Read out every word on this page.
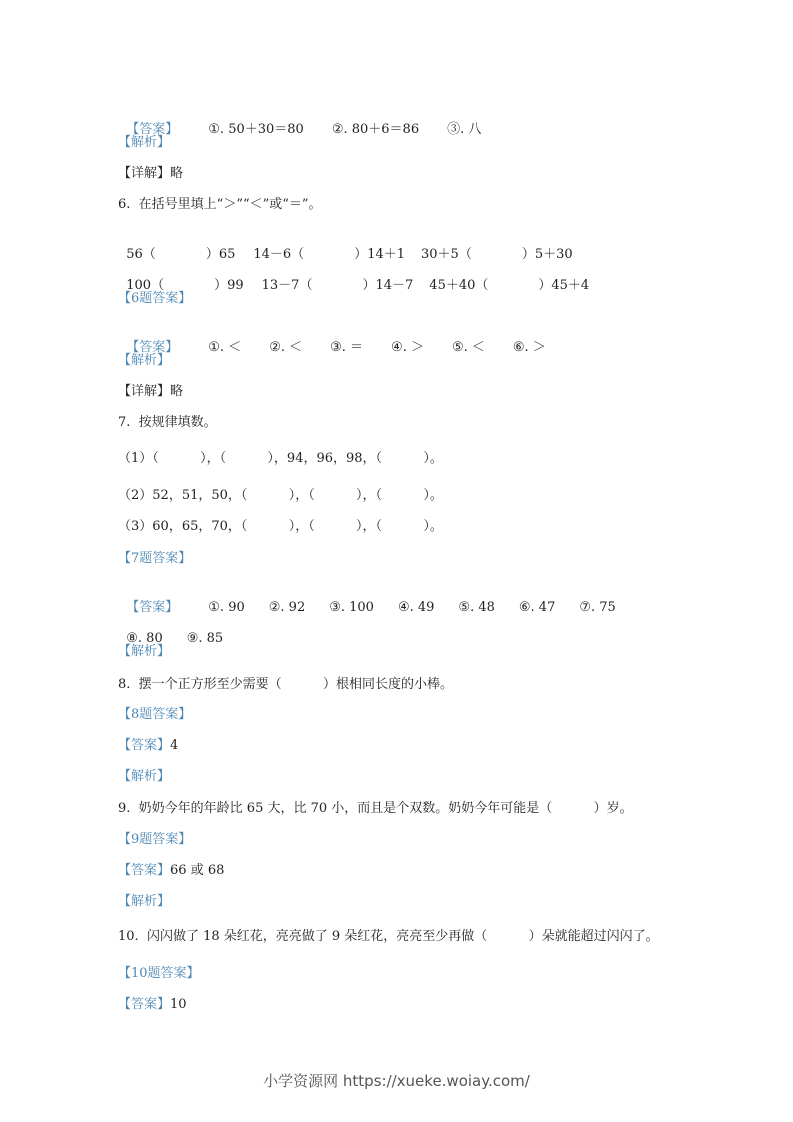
【答案】 ①. 50＋30＝80 ②. 80＋6＝86 ③. 八

【解析】
【详解】略
6.  在括号里填上“＞”“＜”或“＝”。

56（	）65 14－6（	）14＋1 30＋5（	）5＋30

100（	）99 13－7（	）14－7 45＋40（	）45＋4

【6题答案】

【答案】 ①. ＜ ②. ＜ ③. ＝ ④. ＞ ⑤. ＜ ⑥. ＞

【解析】
【详解】略
7.  按规律填数。
（1）（          ），（          ），94，96，98，（          ）。
（2）52，51，50，（          ），（          ），（          ）。
（3）60，65，70，（          ），（          ），（          ）。
【7题答案】

【答案】 ①. 90 ②. 92 ③. 100 ④. 49 ⑤. 48 ⑥. 47 ⑦. 75

⑧. 80 ⑨. 85

【解析】
8.  摆一个正方形至少需要（          ）根相同长度的小棒。
【8题答案】
【答案】4
【解析】
9.  奶奶今年的年龄比 65 大，比 70 小，而且是个双数。奶奶今年可能是（          ）岁。
【9题答案】
【答案】66 或 68
【解析】
10.  闪闪做了 18 朵红花，亮亮做了 9 朵红花，亮亮至少再做（          ）朵就能超过闪闪了。
【10题答案】
【答案】10
小学资源网 https://xueke.woiay.com/
